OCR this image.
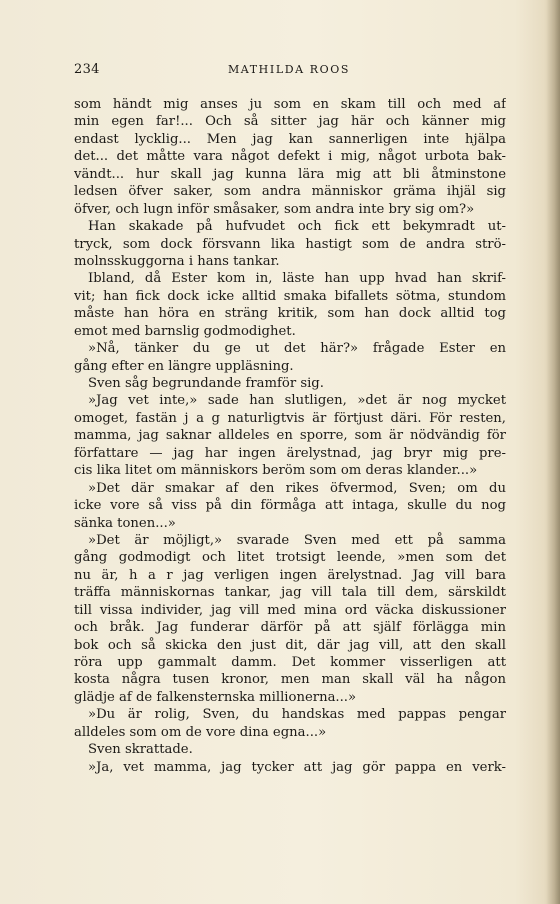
234	MATHILDA ROOS
som händt mig anses ju som en skam till och med af
min egen far!... Och så sitter jag här och känner mig
endast lycklig... Men jag kan sannerligen inte hjälpa
det... det måtte vara något defekt i mig, något urbota bak-
vändt... hur skall jag kunna lära mig att bli åtminstone
ledsen öfver saker, som andra människor gräma ihjäl sig
öfver, och lugn inför småsaker, som andra inte bry sig om?»
Han skakade på hufvudet och fick ett bekymradt ut-
tryck, som dock försvann lika hastigt som de andra strö-
molnsskuggorna i hans tankar.
Ibland, då Ester kom in, läste han upp hvad han skrif-
vit; han fick dock icke alltid smaka bifallets sötma, stundom
måste han höra en sträng kritik, som han dock alltid tog
emot med barnslig godmodighet.
»Nå, tänker du ge ut det här?» frågade Ester en
gång efter en längre uppläsning.
Sven såg begrundande framför sig.
»Jag vet inte,» sade han slutligen, »det är nog mycket
omoget, fastän j a g naturligtvis är förtjust däri. För resten,
mamma, jag saknar alldeles en sporre, som är nödvändig för
författare — jag har ingen ärelystnad, jag bryr mig pre-
cis lika litet om människors beröm som om deras klander...»
»Det där smakar af den rikes öfvermod, Sven; om du
icke vore så viss på din förmåga att intaga, skulle du nog
sänka tonen...»
»Det är möjligt,» svarade Sven med ett på samma
gång godmodigt och litet trotsigt leende, »men som det
nu är, h a r jag verligen ingen ärelystnad. Jag vill bara
träffa människornas tankar, jag vill tala till dem, särskildt
till vissa individer, jag vill med mina ord väcka diskussioner
och bråk. Jag funderar därför på att själf förlägga min
bok och så skicka den just dit, där jag vill, att den skall
röra upp gammalt damm. Det kommer visserligen att
kosta några tusen kronor, men man skall väl ha någon
glädje af de falkensternska millionerna...»
»Du är rolig, Sven, du handskas med pappas pengar
alldeles som om de vore dina egna...»
Sven skrattade.
»Ja, vet mamma, jag tycker att jag gör pappa en verk-
